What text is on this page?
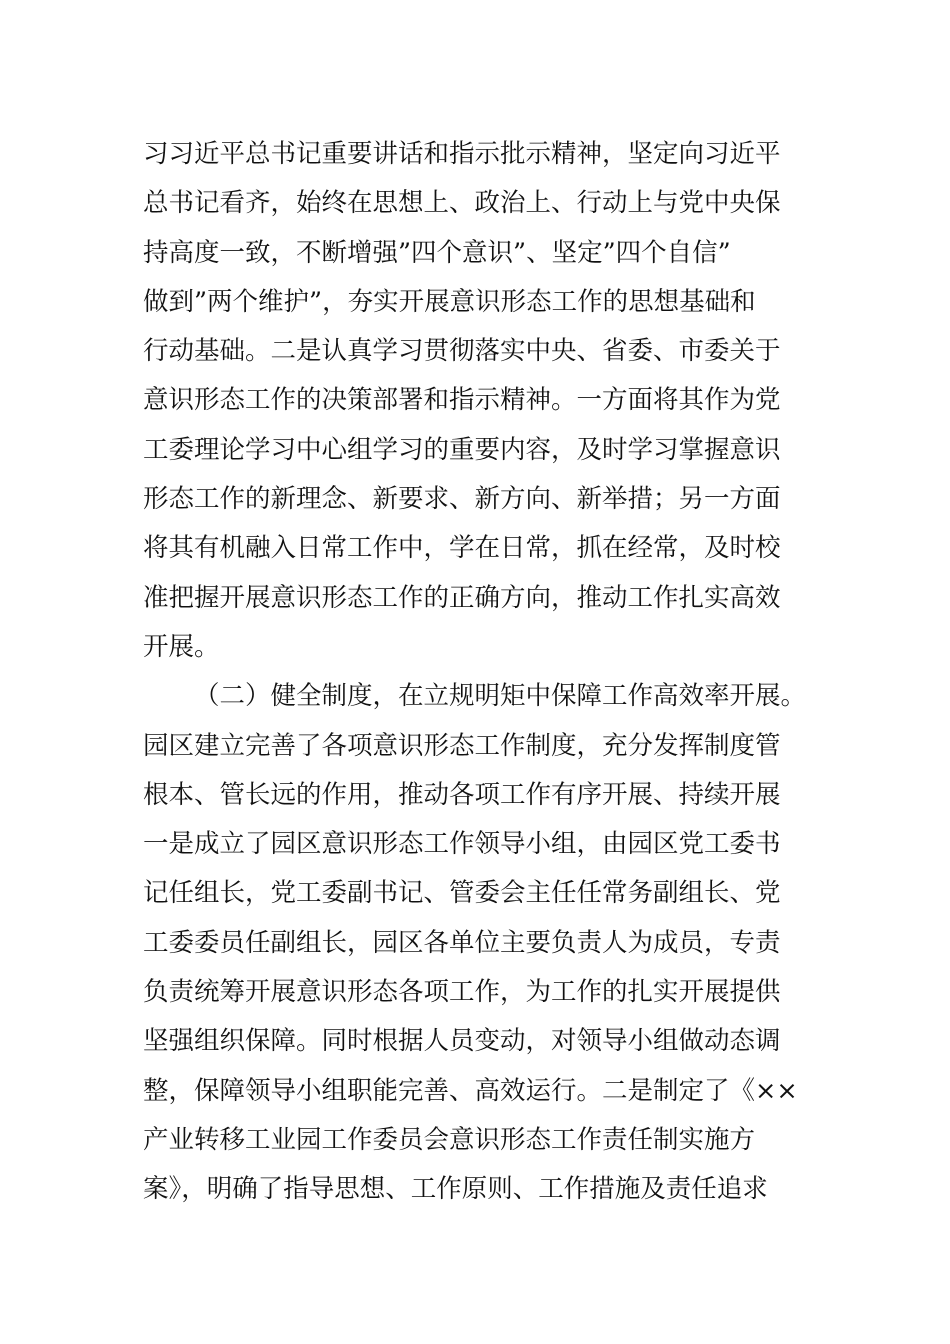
习习近平总书记重要讲话和指示批示精神，坚定向习近平
总书记看齐，始终在思想上、政治上、行动上与党中央保
持高度一致，不断增强”四个意识”、坚定”四个自信”
做到”两个维护”，夯实开展意识形态工作的思想基础和
行动基础。二是认真学习贯彻落实中央、省委、市委关于
意识形态工作的决策部署和指示精神。一方面将其作为党
工委理论学习中心组学习的重要内容，及时学习掌握意识
形态工作的新理念、新要求、新方向、新举措；另一方面
将其有机融入日常工作中，学在日常，抓在经常，及时校
准把握开展意识形态工作的正确方向，推动工作扎实高效
开展。
（二）健全制度，在立规明矩中保障工作高效率开展。
园区建立完善了各项意识形态工作制度，充分发挥制度管
根本、管长远的作用，推动各项工作有序开展、持续开展
一是成立了园区意识形态工作领导小组，由园区党工委书
记任组长，党工委副书记、管委会主任任常务副组长、党
工委委员任副组长，园区各单位主要负责人为成员，专责
负责统筹开展意识形态各项工作，为工作的扎实开展提供
坚强组织保障。同时根据人员变动，对领导小组做动态调
整，保障领导小组职能完善、高效运行。二是制定了《××
产业转移工业园工作委员会意识形态工作责任制实施方
案》，明确了指导思想、工作原则、工作措施及责任追求
